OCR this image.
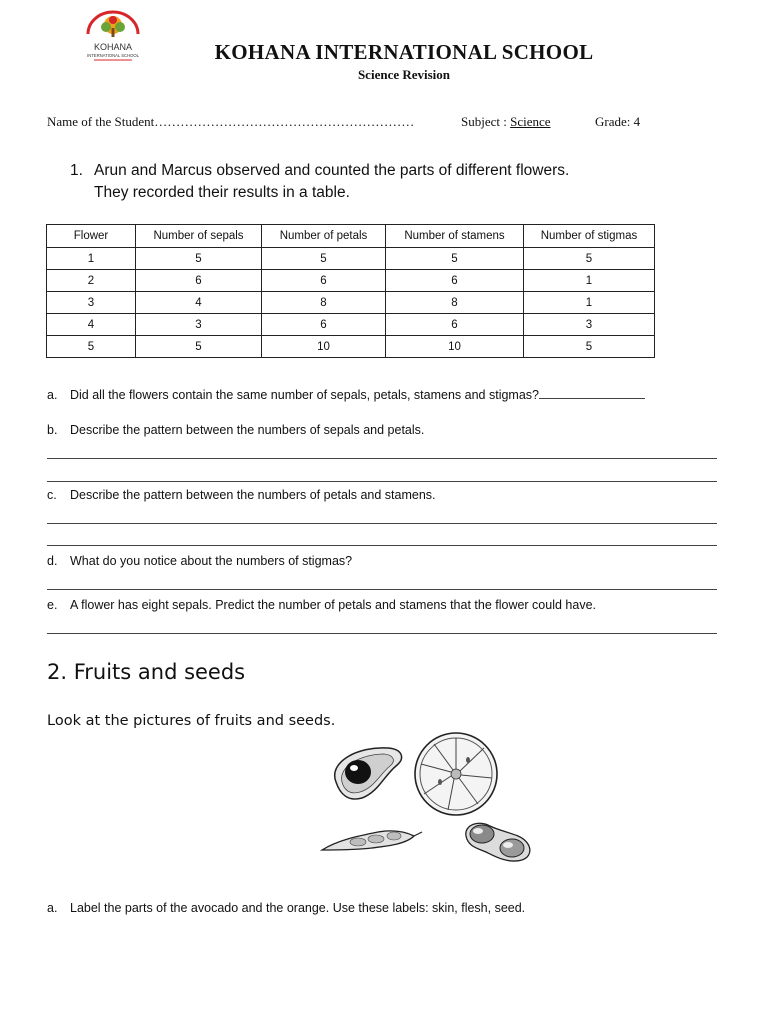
KOHANA
INTERNATIONAL SCHOOL	KOHANA INTERNATIONAL SCHOOL
Science Revision
Name of the Student……………………………………………………	Subject : Science	Grade: 4
1. Arun and Marcus observed and counted the parts of different flowers.
They recorded their results in a table.
Flower	Number of sepals	Number of petals	Number of stamens	Number of stigmas
1	5	5	5	5
2	6	6	6	1
3	4	8	8	1
4	3	6	6	3
5	5	10	10	5
a. Did all the flowers contain the same number of sepals, petals, stamens and stigmas?
b. Describe the pattern between the numbers of sepals and petals.
c. Describe the pattern between the numbers of petals and stamens.
d. What do you notice about the numbers of stigmas?
e. A flower has eight sepals. Predict the number of petals and stamens that the flower could have.
2. Fruits and seeds
Look at the pictures of fruits and seeds.
a. Label the parts of the avocado and the orange. Use these labels: skin, flesh, seed.
